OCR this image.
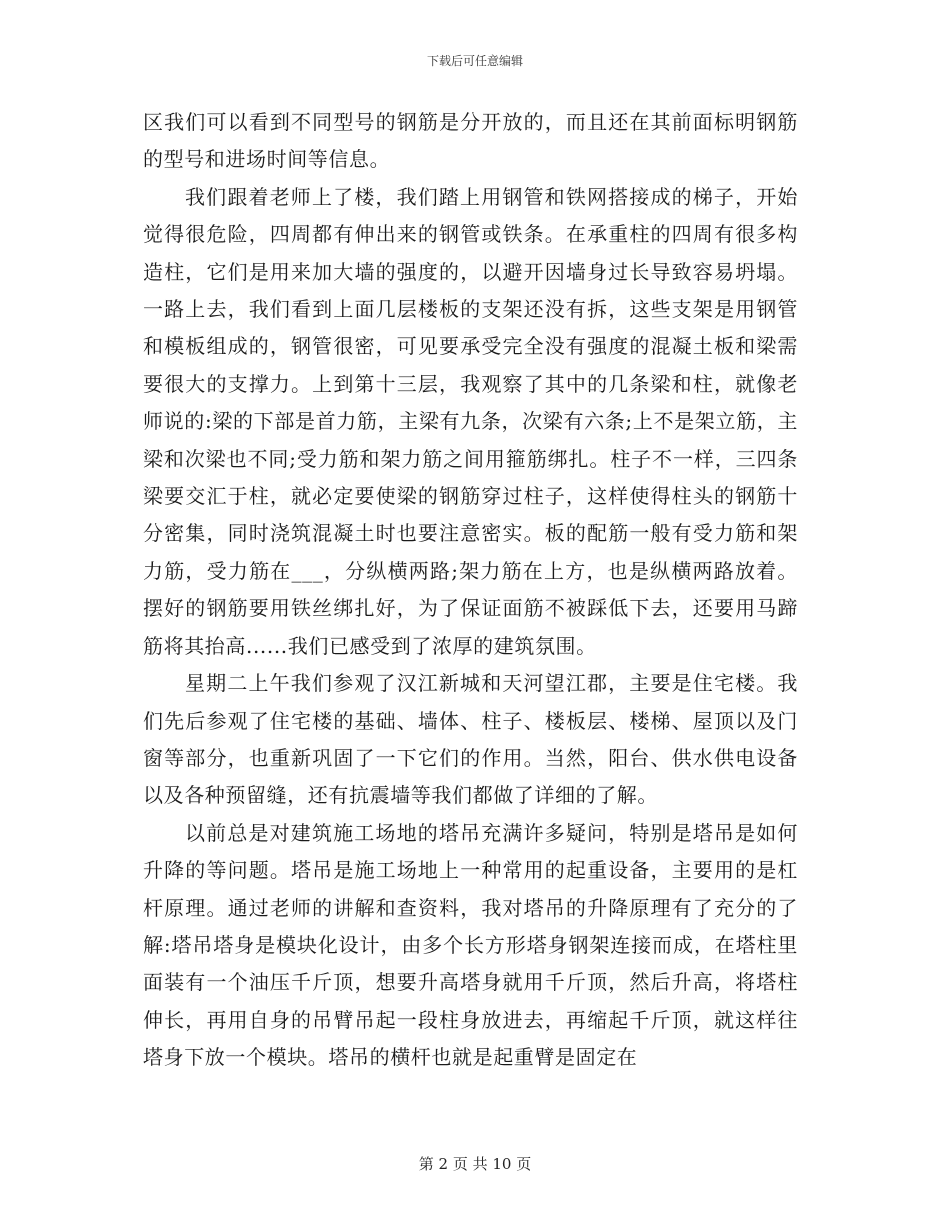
下载后可任意编辑

区我们可以看到不同型号的钢筋是分开放的，而且还在其前面标明钢筋的型号和进场时间等信息。

我们跟着老师上了楼，我们踏上用钢管和铁网搭接成的梯子，开始觉得很危险，四周都有伸出来的钢管或铁条。在承重柱的四周有很多构造柱，它们是用来加大墙的强度的，以避开因墙身过长导致容易坍塌。一路上去，我们看到上面几层楼板的支架还没有拆，这些支架是用钢管和模板组成的，钢管很密，可见要承受完全没有强度的混凝土板和梁需要很大的支撑力。上到第十三层，我观察了其中的几条梁和柱，就像老师说的:梁的下部是首力筋，主梁有九条，次梁有六条;上不是架立筋，主梁和次梁也不同;受力筋和架力筋之间用箍筋绑扎。柱子不一样，三四条梁要交汇于柱，就必定要使梁的钢筋穿过柱子，这样使得柱头的钢筋十分密集，同时浇筑混凝土时也要注意密实。板的配筋一般有受力筋和架力筋，受力筋在___，分纵横两路;架力筋在上方，也是纵横两路放着。摆好的钢筋要用铁丝绑扎好，为了保证面筋不被踩低下去，还要用马蹄筋将其抬高......我们已感受到了浓厚的建筑氛围。

星期二上午我们参观了汉江新城和天河望江郡，主要是住宅楼。我们先后参观了住宅楼的基础、墙体、柱子、楼板层、楼梯、屋顶以及门窗等部分，也重新巩固了一下它们的作用。当然，阳台、供水供电设备以及各种预留缝，还有抗震墙等我们都做了详细的了解。

以前总是对建筑施工场地的塔吊充满许多疑问，特别是塔吊是如何升降的等问题。塔吊是施工场地上一种常用的起重设备，主要用的是杠杆原理。通过老师的讲解和查资料，我对塔吊的升降原理有了充分的了解:塔吊塔身是模块化设计，由多个长方形塔身钢架连接而成，在塔柱里面装有一个油压千斤顶，想要升高塔身就用千斤顶，然后升高，将塔柱伸长，再用自身的吊臂吊起一段柱身放进去，再缩起千斤顶，就这样往塔身下放一个模块。塔吊的横杆也就是起重臂是固定在

第 2 页 共 10 页
